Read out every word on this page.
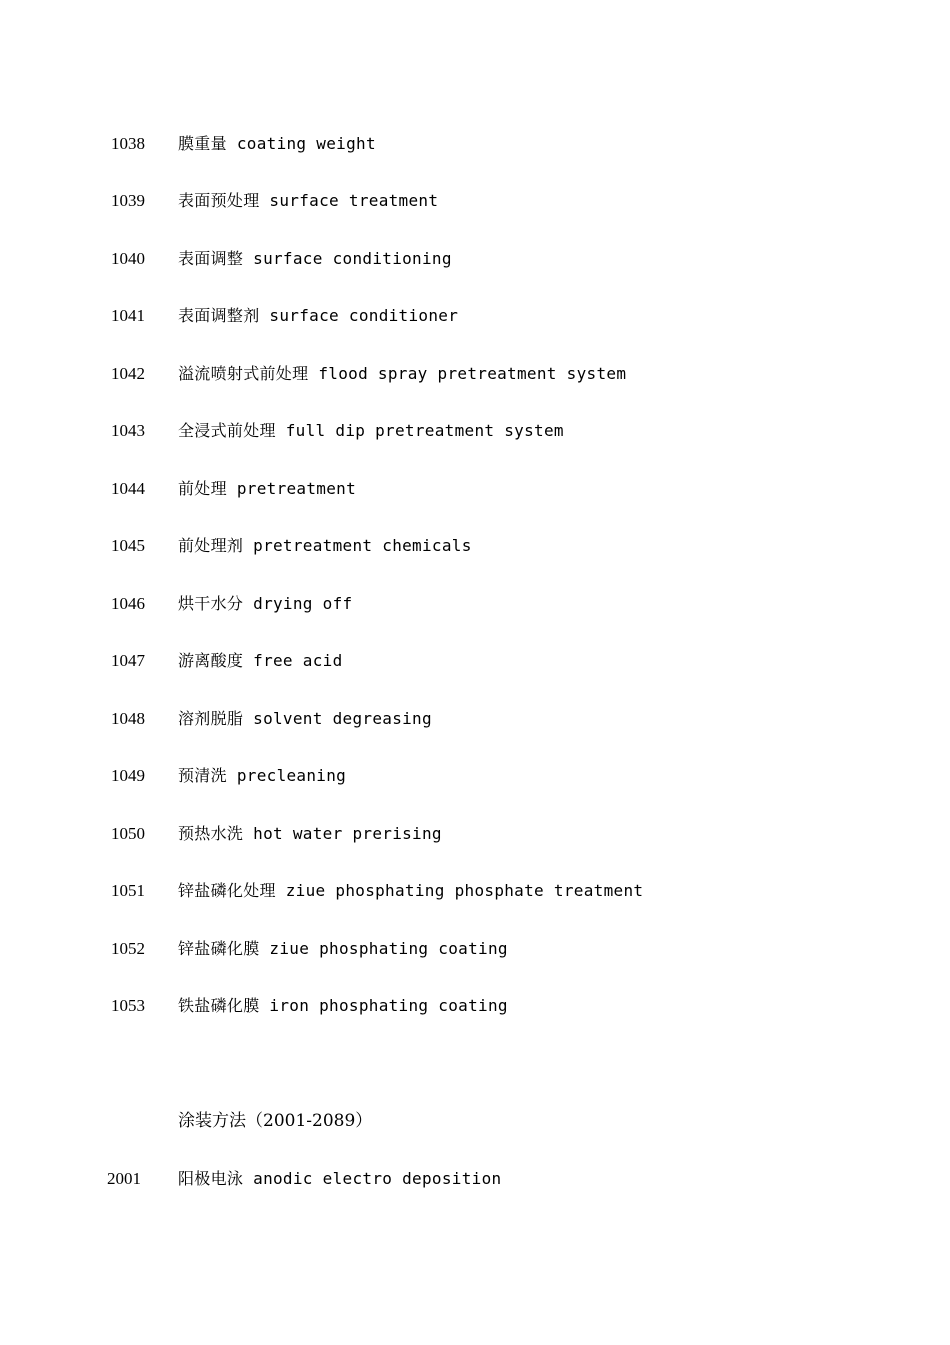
1038 膜重量 coating weight
1039 表面预处理 surface treatment
1040 表面调整 surface conditioning
1041 表面调整剂 surface conditioner
1042 溢流喷射式前处理 flood spray pretreatment system
1043 全浸式前处理 full dip pretreatment system
1044 前处理 pretreatment
1045 前处理剂 pretreatment chemicals
1046 烘干水分 drying off
1047 游离酸度 free acid
1048 溶剂脱脂 solvent degreasing
1049 预清洗 precleaning
1050 预热水洗 hot water prerising
1051 锌盐磷化处理 ziue phosphating phosphate treatment
1052 锌盐磷化膜 ziue phosphating coating
1053 铁盐磷化膜 iron phosphating coating
涂装方法（2001-2089）
2001 阳极电泳 anodic electro deposition
